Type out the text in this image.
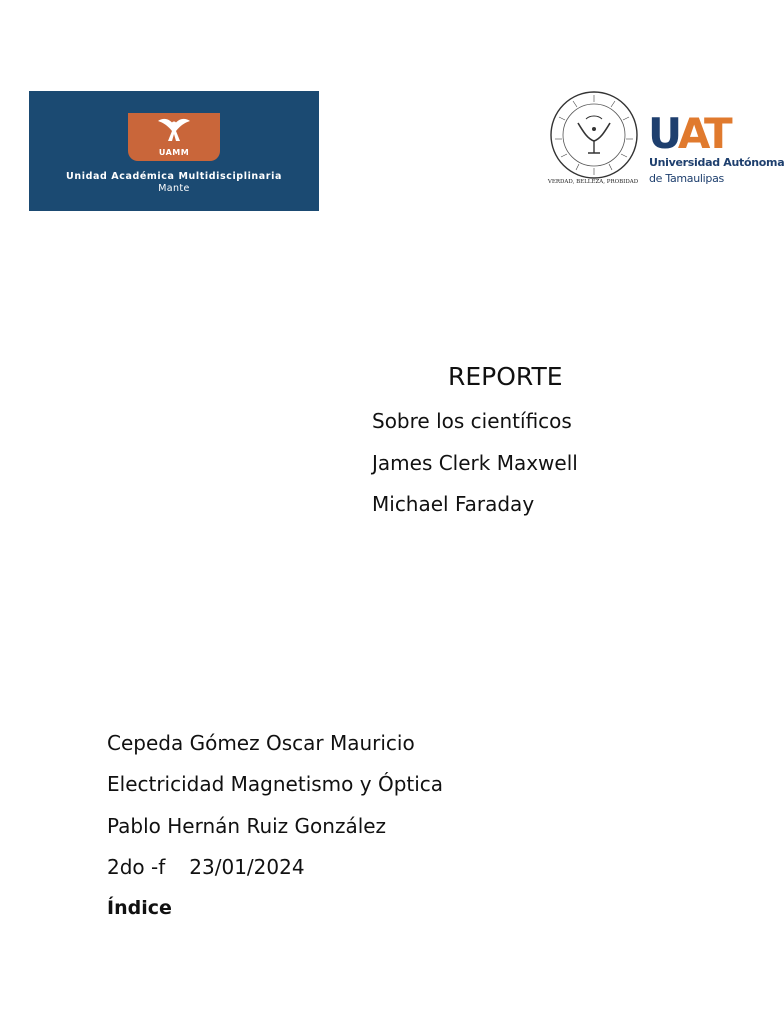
UAMM
Unidad Académica Multidisciplinaria
Mante
VERDAD, BELLEZA, PROBIDAD
UAT
Universidad Autónoma
de Tamaulipas
REPORTE
Sobre los científicos
James Clerk Maxwell
Michael Faraday
Cepeda Gómez Oscar Mauricio
Electricidad Magnetismo y Óptica
Pablo Hernán Ruiz González
2do -f 23/01/2024
Índice
